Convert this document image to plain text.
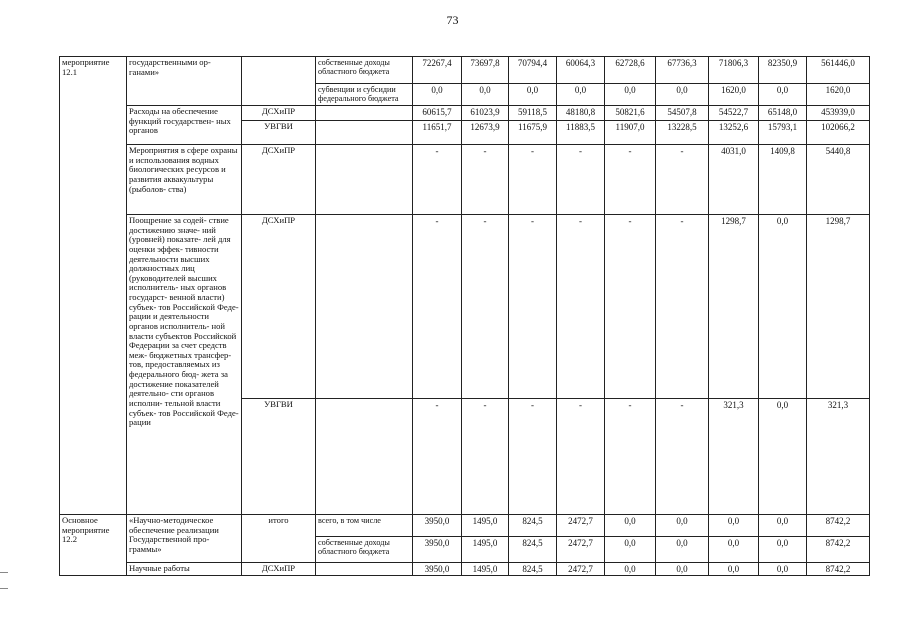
73
мероприятие 12.1	государственными ор- ганами»		собственные доходы областного бюджета	72267,4	73697,8	70794,4	60064,3	62728,6	67736,3	71806,3	82350,9	561446,0
			субвенции и субсидии федерального бюджета	0,0	0,0	0,0	0,0	0,0	0,0	1620,0	0,0	1620,0
	Расходы на обеспечение функций государствен- ных органов	ДСХиПР		60615,7	61023,9	59118,5	48180,8	50821,6	54507,8	54522,7	65148,0	453939,0
		УВГВИ		11651,7	12673,9	11675,9	11883,5	11907,0	13228,5	13252,6	15793,1	102066,2
	Мероприятия в сфере охраны и использования водных биологических ресурсов и развития аквакультуры (рыболов- ства)	ДСХиПР		-	-	-	-	-	-	4031,0	1409,8	5440,8
	Поощрение за содей- ствие достижению значе- ний (уровней) показате- лей для оценки эффек- тивности деятельности высших должностных лиц (руководителей высших исполнитель- ных органов государст- венной власти) субъек- тов Российской Феде- рации и деятельности органов исполнитель- ной власти субъектов Российской Федерации за счет средств меж- бюджетных трансфер- тов, предоставляемых из федерального бюд- жета за достижение показателей деятельно- сти органов исполни- тельной власти субъек- тов Российской Феде- рации	ДСХиПР		-	-	-	-	-	-	1298,7	0,0	1298,7
		УВГВИ		-	-	-	-	-	-	321,3	0,0	321,3
Основное мероприятие 12.2	«Научно-методическое обеспечение реализации Государственной про- граммы»	итого	всего, в том числе	3950,0	1495,0	824,5	2472,7	0,0	0,0	0,0	0,0	8742,2
			собственные доходы областного бюджета	3950,0	1495,0	824,5	2472,7	0,0	0,0	0,0	0,0	8742,2
	Научные работы	ДСХиПР		3950,0	1495,0	824,5	2472,7	0,0	0,0	0,0	0,0	8742,2
